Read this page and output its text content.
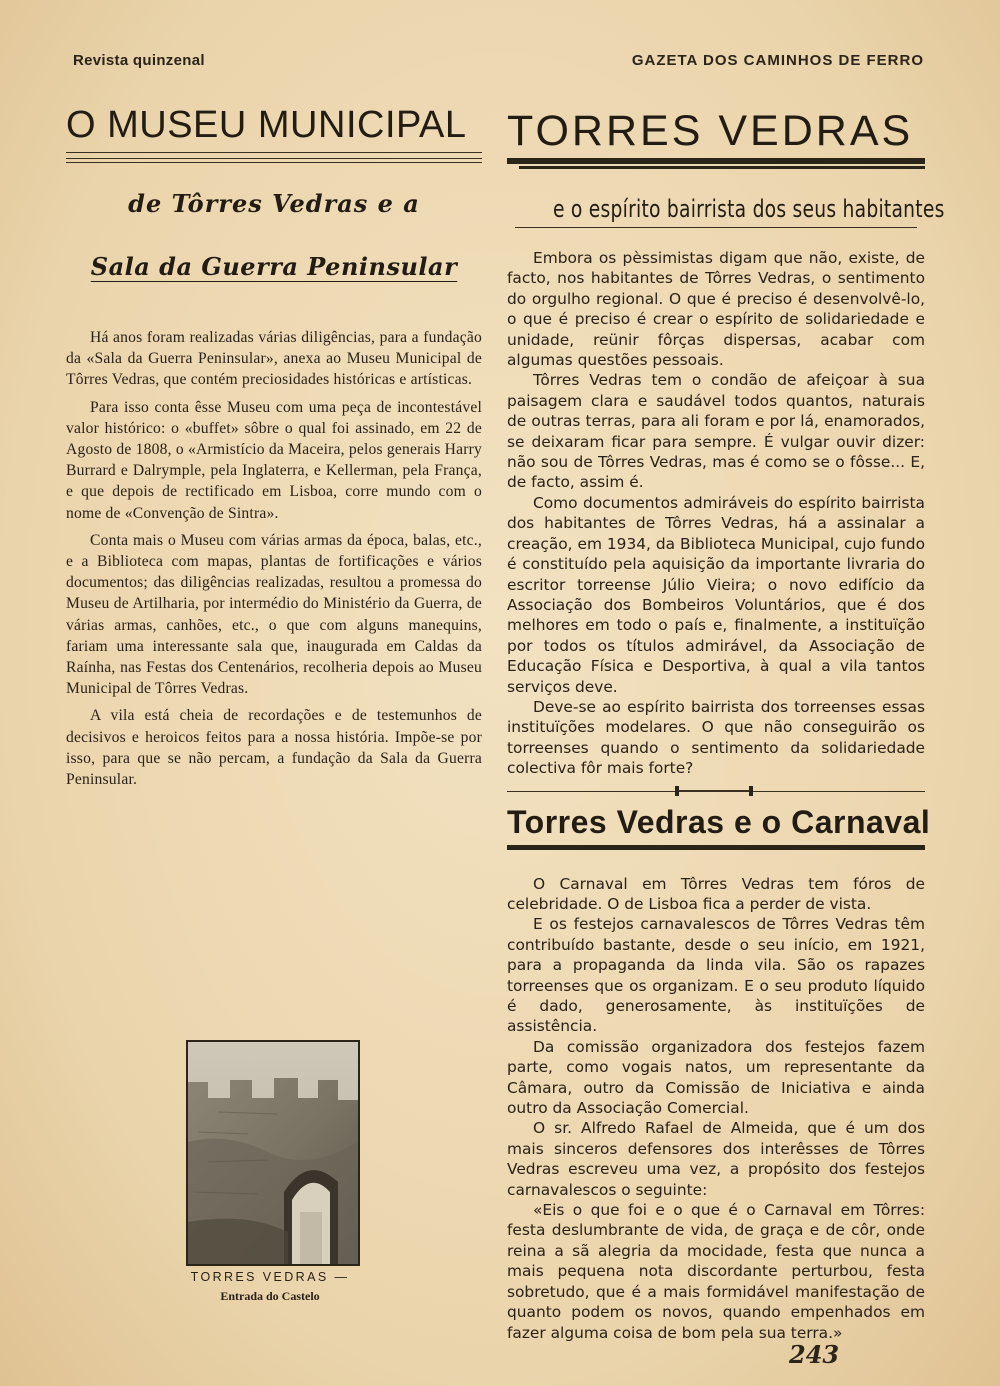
Revista quinzenal	GAZETA DOS CAMINHOS DE FERRO
O MUSEU MUNICIPAL
de Tôrres Vedras e a
Sala da Guerra Peninsular

Há anos foram realizadas várias diligências, para a fundação da «Sala da Guerra Peninsular», anexa ao Museu Municipal de Tôrres Vedras, que contém preciosidades históricas e artísticas.

Para isso conta êsse Museu com uma peça de incontestável valor histórico: o «buffet» sôbre o qual foi assinado, em 22 de Agosto de 1808, o «Armistício da Maceira, pelos generais Harry Burrard e Dalrymple, pela Inglaterra, e Kellerman, pela França, e que depois de rectificado em Lisboa, corre mundo com o nome de «Convenção de Sintra».

Conta mais o Museu com várias armas da época, balas, etc., e a Biblioteca com mapas, plantas de fortificações e vários documentos; das diligências realizadas, resultou a promessa do Museu de Artilharia, por intermédio do Ministério da Guerra, de várias armas, canhões, etc., o que com alguns manequins, fariam uma interessante sala que, inaugurada em Caldas da Raínha, nas Festas dos Centenários, recolheria depois ao Museu Municipal de Tôrres Vedras.

A vila está cheia de recordações e de testemunhos de decisivos e heroicos feitos para a nossa história. Impõe-se por isso, para que se não percam, a fundação da Sala da Guerra Peninsular.

TORRES VEDRAS —
Entrada do Castelo
TORRES VEDRAS
e o espírito bairrista dos seus habitantes

Embora os pèssimistas digam que não, existe, de facto, nos habitantes de Tôrres Vedras, o sentimento do orgulho regional. O que é preciso é desenvolvê-lo, o que é preciso é crear o espírito de solidariedade e unidade, reünir fôrças dispersas, acabar com algumas questões pessoais.

Tôrres Vedras tem o condão de afeiçoar à sua paisagem clara e saudável todos quantos, naturais de outras terras, para ali foram e por lá, enamorados, se deixaram ficar para sempre. É vulgar ouvir dizer: não sou de Tôrres Vedras, mas é como se o fôsse... E, de facto, assim é.

Como documentos admiráveis do espírito bairrista dos habitantes de Tôrres Vedras, há a assinalar a creação, em 1934, da Biblioteca Municipal, cujo fundo é constituído pela aquisição da importante livraria do escritor torreense Júlio Vieira; o novo edifício da Associação dos Bombeiros Voluntários, que é dos melhores em todo o país e, finalmente, a instituïção por todos os títulos admirável, da Associação de Educação Física e Desportiva, à qual a vila tantos serviços deve.

Deve-se ao espírito bairrista dos torreenses essas instituïções modelares. O que não conseguirão os torreenses quando o sentimento da solidariedade colectiva fôr mais forte?

Torres Vedras e o Carnaval

O Carnaval em Tôrres Vedras tem fóros de celebridade. O de Lisboa fica a perder de vista.

E os festejos carnavalescos de Tôrres Vedras têm contribuído bastante, desde o seu início, em 1921, para a propaganda da linda vila. São os rapazes torreenses que os organizam. E o seu produto líquido é dado, generosamente, às instituïções de assistência.

Da comissão organizadora dos festejos fazem parte, como vogais natos, um representante da Câmara, outro da Comissão de Iniciativa e ainda outro da Associação Comercial.

O sr. Alfredo Rafael de Almeida, que é um dos mais sinceros defensores dos interêsses de Tôrres Vedras escreveu uma vez, a propósito dos festejos carnavalescos o seguinte:

«Eis o que foi e o que é o Carnaval em Tôrres: festa deslumbrante de vida, de graça e de côr, onde reina a sã alegria da mocidade, festa que nunca a mais pequena nota discordante perturbou, festa sobretudo, que é a mais formidável manifestação de quanto podem os novos, quando empenhados em fazer alguma coisa de bom pela sua terra.»

243
